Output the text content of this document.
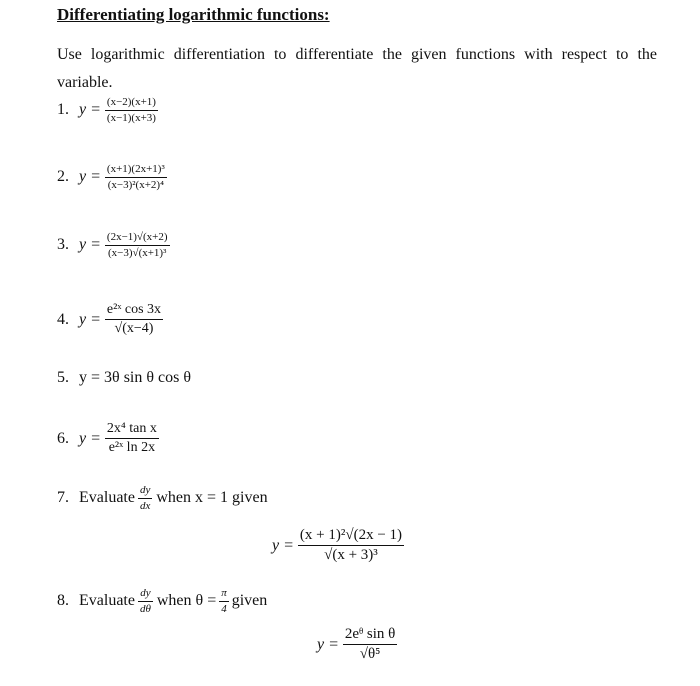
Differentiating logarithmic functions:
Use logarithmic differentiation to differentiate the given functions with respect to the variable.
1. $y = \frac{(x-2)(x+1)}{(x-1)(x+3)}$
2. $y = \frac{\text{(x+1)(2x+1)³}}{\text{(x−3)²(x+2)⁴}}$
3. $y = \frac{(2x-1)√(x+2)}{\text{(x−3)√(x+1)³}}$
4. $y = \frac{\text{e²ˣ cos 3x}}{√(x-4)}$
5. y = 3θ sin θ cos θ
6. $y = \frac{\text{2x⁴ tan x}}{\text{e²ˣ ln 2x}}$
7. Evaluate $\frac{dy}{dx}$ when x = 1 given
$y = \frac{\text{(x + 1)²√(2x − 1)}}{\text{√(x + 3)³}}$
8. Evaluate $\frac{dy}{d\theta}$ when $\theta = \frac{\pi}{4}$ given
$y = \frac{\text{2eᶿ sin θ}}{\text{√θ⁵}}$
